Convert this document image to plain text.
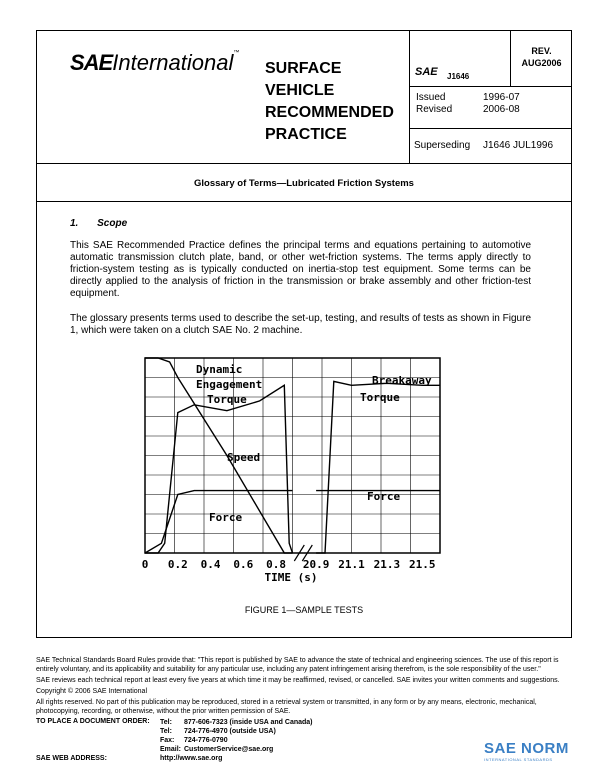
SAEInternational™
SURFACE
VEHICLE
RECOMMENDED
PRACTICE
SAE J1646
REV.
AUG2006
Issued	1996-07
Revised	2006-08
Superseding J1646 JUL1996
Glossary of Terms—Lubricated Friction Systems
1. Scope
This SAE Recommended Practice defines the principal terms and equations pertaining to automotive automatic transmission clutch plate, band, or other wet-friction systems. The terms apply directly to friction-system testing as is typically conducted on inertia-stop test equipment. Some terms can be directly applied to the analysis of friction in the transmission or brake assembly and other friction-test equipment.
The glossary presents terms used to describe the set-up, testing, and results of tests as shown in Figure 1, which were taken on a clutch SAE No. 2 machine.
0 0.2 0.4 0.6 0.8 20.9 21.1 21.3 21.5
TIME (s)
Dynamic
Engagement
Torque
Breakaway
Torque
Speed
Force
Force
FIGURE 1—SAMPLE TESTS
SAE Technical Standards Board Rules provide that: "This report is published by SAE to advance the state of technical and engineering sciences. The use of this report is entirely voluntary, and its applicability and suitability for any particular use, including any patent infringement arising therefrom, is the sole responsibility of the user."
SAE reviews each technical report at least every five years at which time it may be reaffirmed, revised, or cancelled. SAE invites your written comments and suggestions.
Copyright © 2006 SAE International
All rights reserved. No part of this publication may be reproduced, stored in a retrieval system or transmitted, in any form or by any means, electronic, mechanical, photocopying, recording, or otherwise, without the prior written permission of SAE.
TO PLACE A DOCUMENT ORDER: Tel: 877-606-7323 (inside USA and Canada)
Tel: 724-776-4970 (outside USA)
Fax: 724-776-0790
Email: CustomerService@sae.org
SAE WEB ADDRESS:	http://www.sae.org
SAE NORM
INTERNATIONAL STANDARDS
